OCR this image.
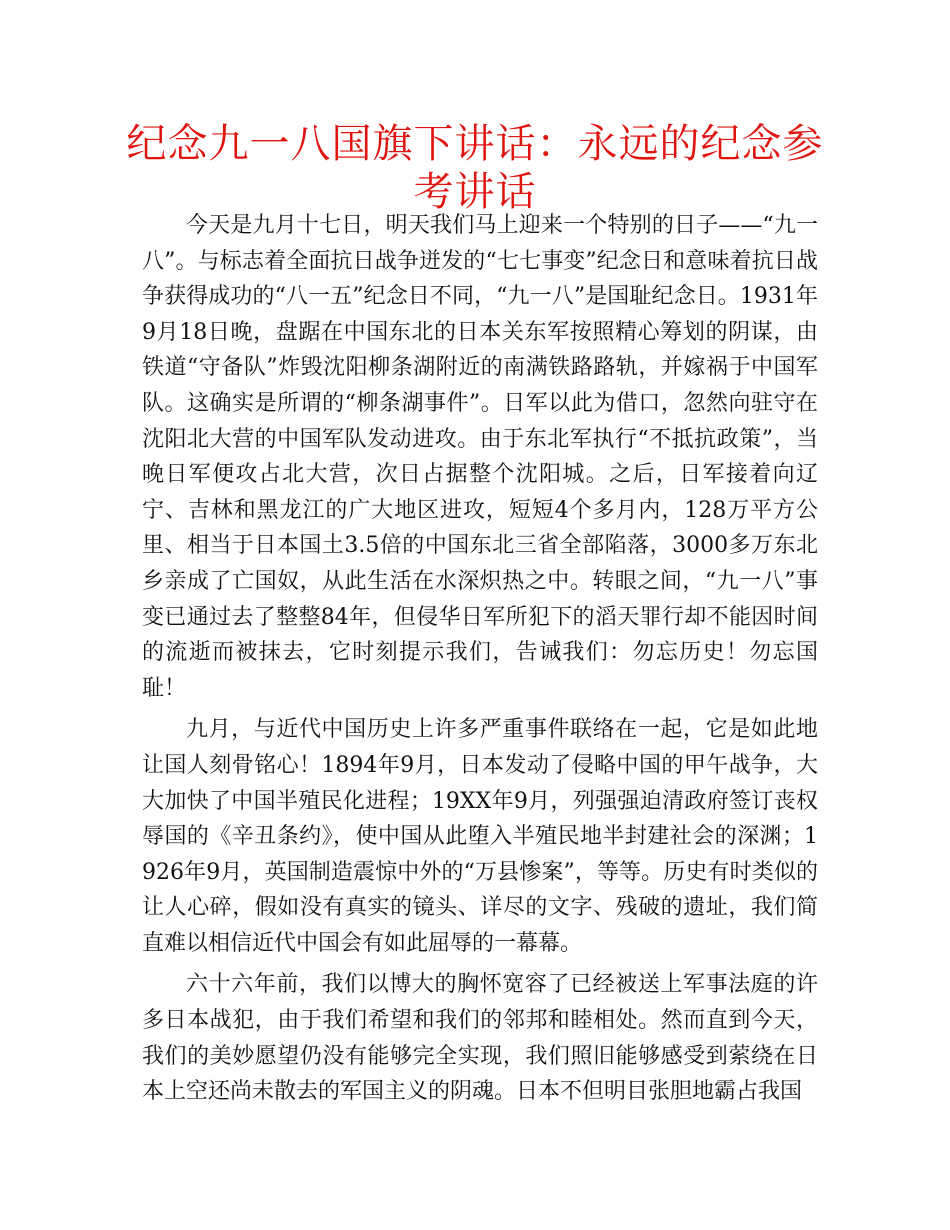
纪念九一八国旗下讲话：永远的纪念参考讲话

今天是九月十七日，明天我们马上迎来一个特别的日子——“九一八”。与标志着全面抗日战争迸发的“七七事变”纪念日和意味着抗日战争获得成功的“八一五”纪念日不同，“九一八”是国耻纪念日。1931年9月18日晚，盘踞在中国东北的日本关东军按照精心筹划的阴谋，由铁道“守备队”炸毁沈阳柳条湖附近的南满铁路路轨，并嫁祸于中国军队。这确实是所谓的“柳条湖事件”。日军以此为借口，忽然向驻守在沈阳北大营的中国军队发动进攻。由于东北军执行“不抵抗政策”，当晚日军便攻占北大营，次日占据整个沈阳城。之后，日军接着向辽宁、吉林和黑龙江的广大地区进攻，短短4个多月内，128万平方公里、相当于日本国土3.5倍的中国东北三省全部陷落，3000多万东北乡亲成了亡国奴，从此生活在水深炽热之中。转眼之间，“九一八”事变已通过去了整整84年，但侵华日军所犯下的滔天罪行却不能因时间的流逝而被抹去，它时刻提示我们，告诫我们：勿忘历史！勿忘国耻！

九月，与近代中国历史上许多严重事件联络在一起，它是如此地让国人刻骨铭心！1894年9月，日本发动了侵略中国的甲午战争，大大加快了中国半殖民化进程；19XX年9月，列强强迫清政府签订丧权辱国的《辛丑条约》，使中国从此堕入半殖民地半封建社会的深渊；1926年9月，英国制造震惊中外的“万县惨案”，等等。历史有时类似的让人心碎，假如没有真实的镜头、详尽的文字、残破的遗址，我们简直难以相信近代中国会有如此屈辱的一幕幕。

六十六年前，我们以博大的胸怀宽容了已经被送上军事法庭的许多日本战犯，由于我们希望和我们的邻邦和睦相处。然而直到今天，我们的美妙愿望仍没有能够完全实现，我们照旧能够感受到萦绕在日本上空还尚未散去的军国主义的阴魂。日本不但明目张胆地霸占我国
